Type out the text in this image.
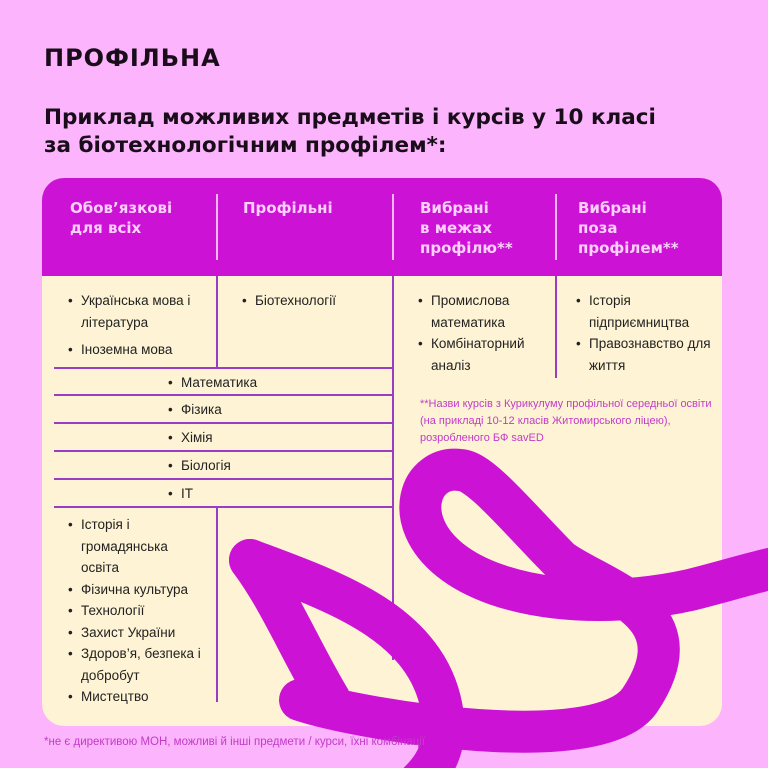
ПРОФІЛЬНА
Приклад можливих предметів і курсів у 10 класі
за біотехнологічним профілем*:
Обов’язкові
для всіх
Профільні	Вибрані
в межах
профілю**
Вибрані
поза
профілем**
• Українська мова і література
• Іноземна мова
• Біотехнології	• Промислова математика
• Комбінаторний аналіз
• Історія підприємництва
• Правознавство для життя
• Математика
• Фізика
• Хімія
• Біологія
• ІТ
• Історія і громадянська освіта
• Фізична культура
• Технології
• Захист України
• Здоров’я, безпека і добробут
• Мистецтво
**Назви курсів з Курикулуму профільної середньої освіти (на прикладі 10-12 класів Житомирського ліцею), розробленого БФ savED
*не є директивою МОН, можливі й інші предмети / курси, їхні комбінації
